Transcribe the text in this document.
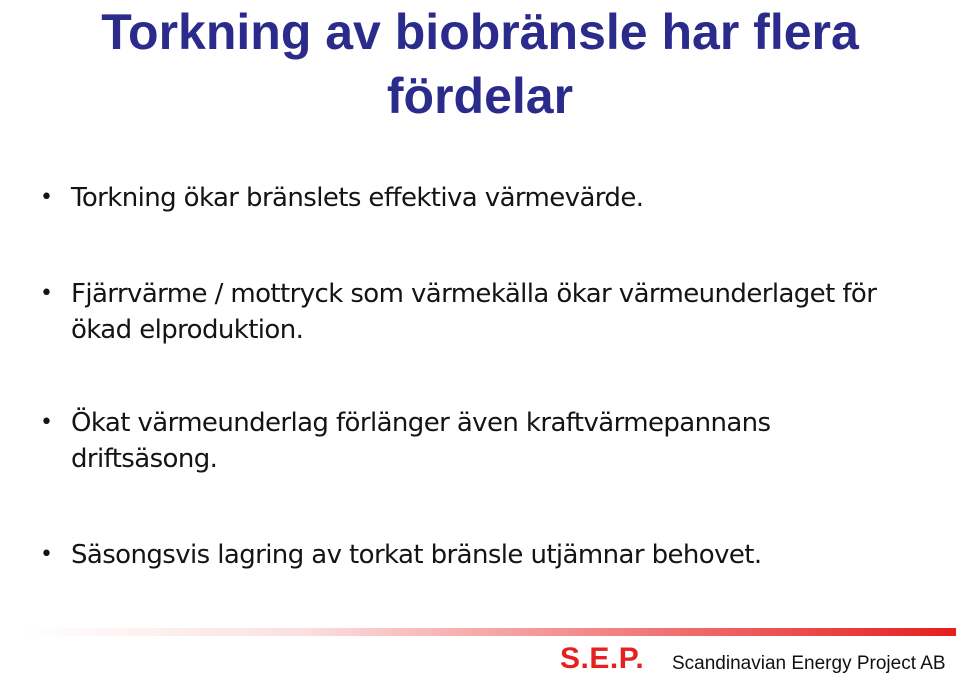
Torkning av biobränsle har flera
fördelar
• Torkning ökar bränslets effektiva värmevärde.
• Fjärrvärme / mottryck som värmekälla ökar värmeunderlaget för
ökad elproduktion.
• Ökat värmeunderlag förlänger även kraftvärmepannans
driftsäsong.
• Säsongsvis lagring av torkat bränsle utjämnar behovet.
S.E.P. Scandinavian Energy Project AB
